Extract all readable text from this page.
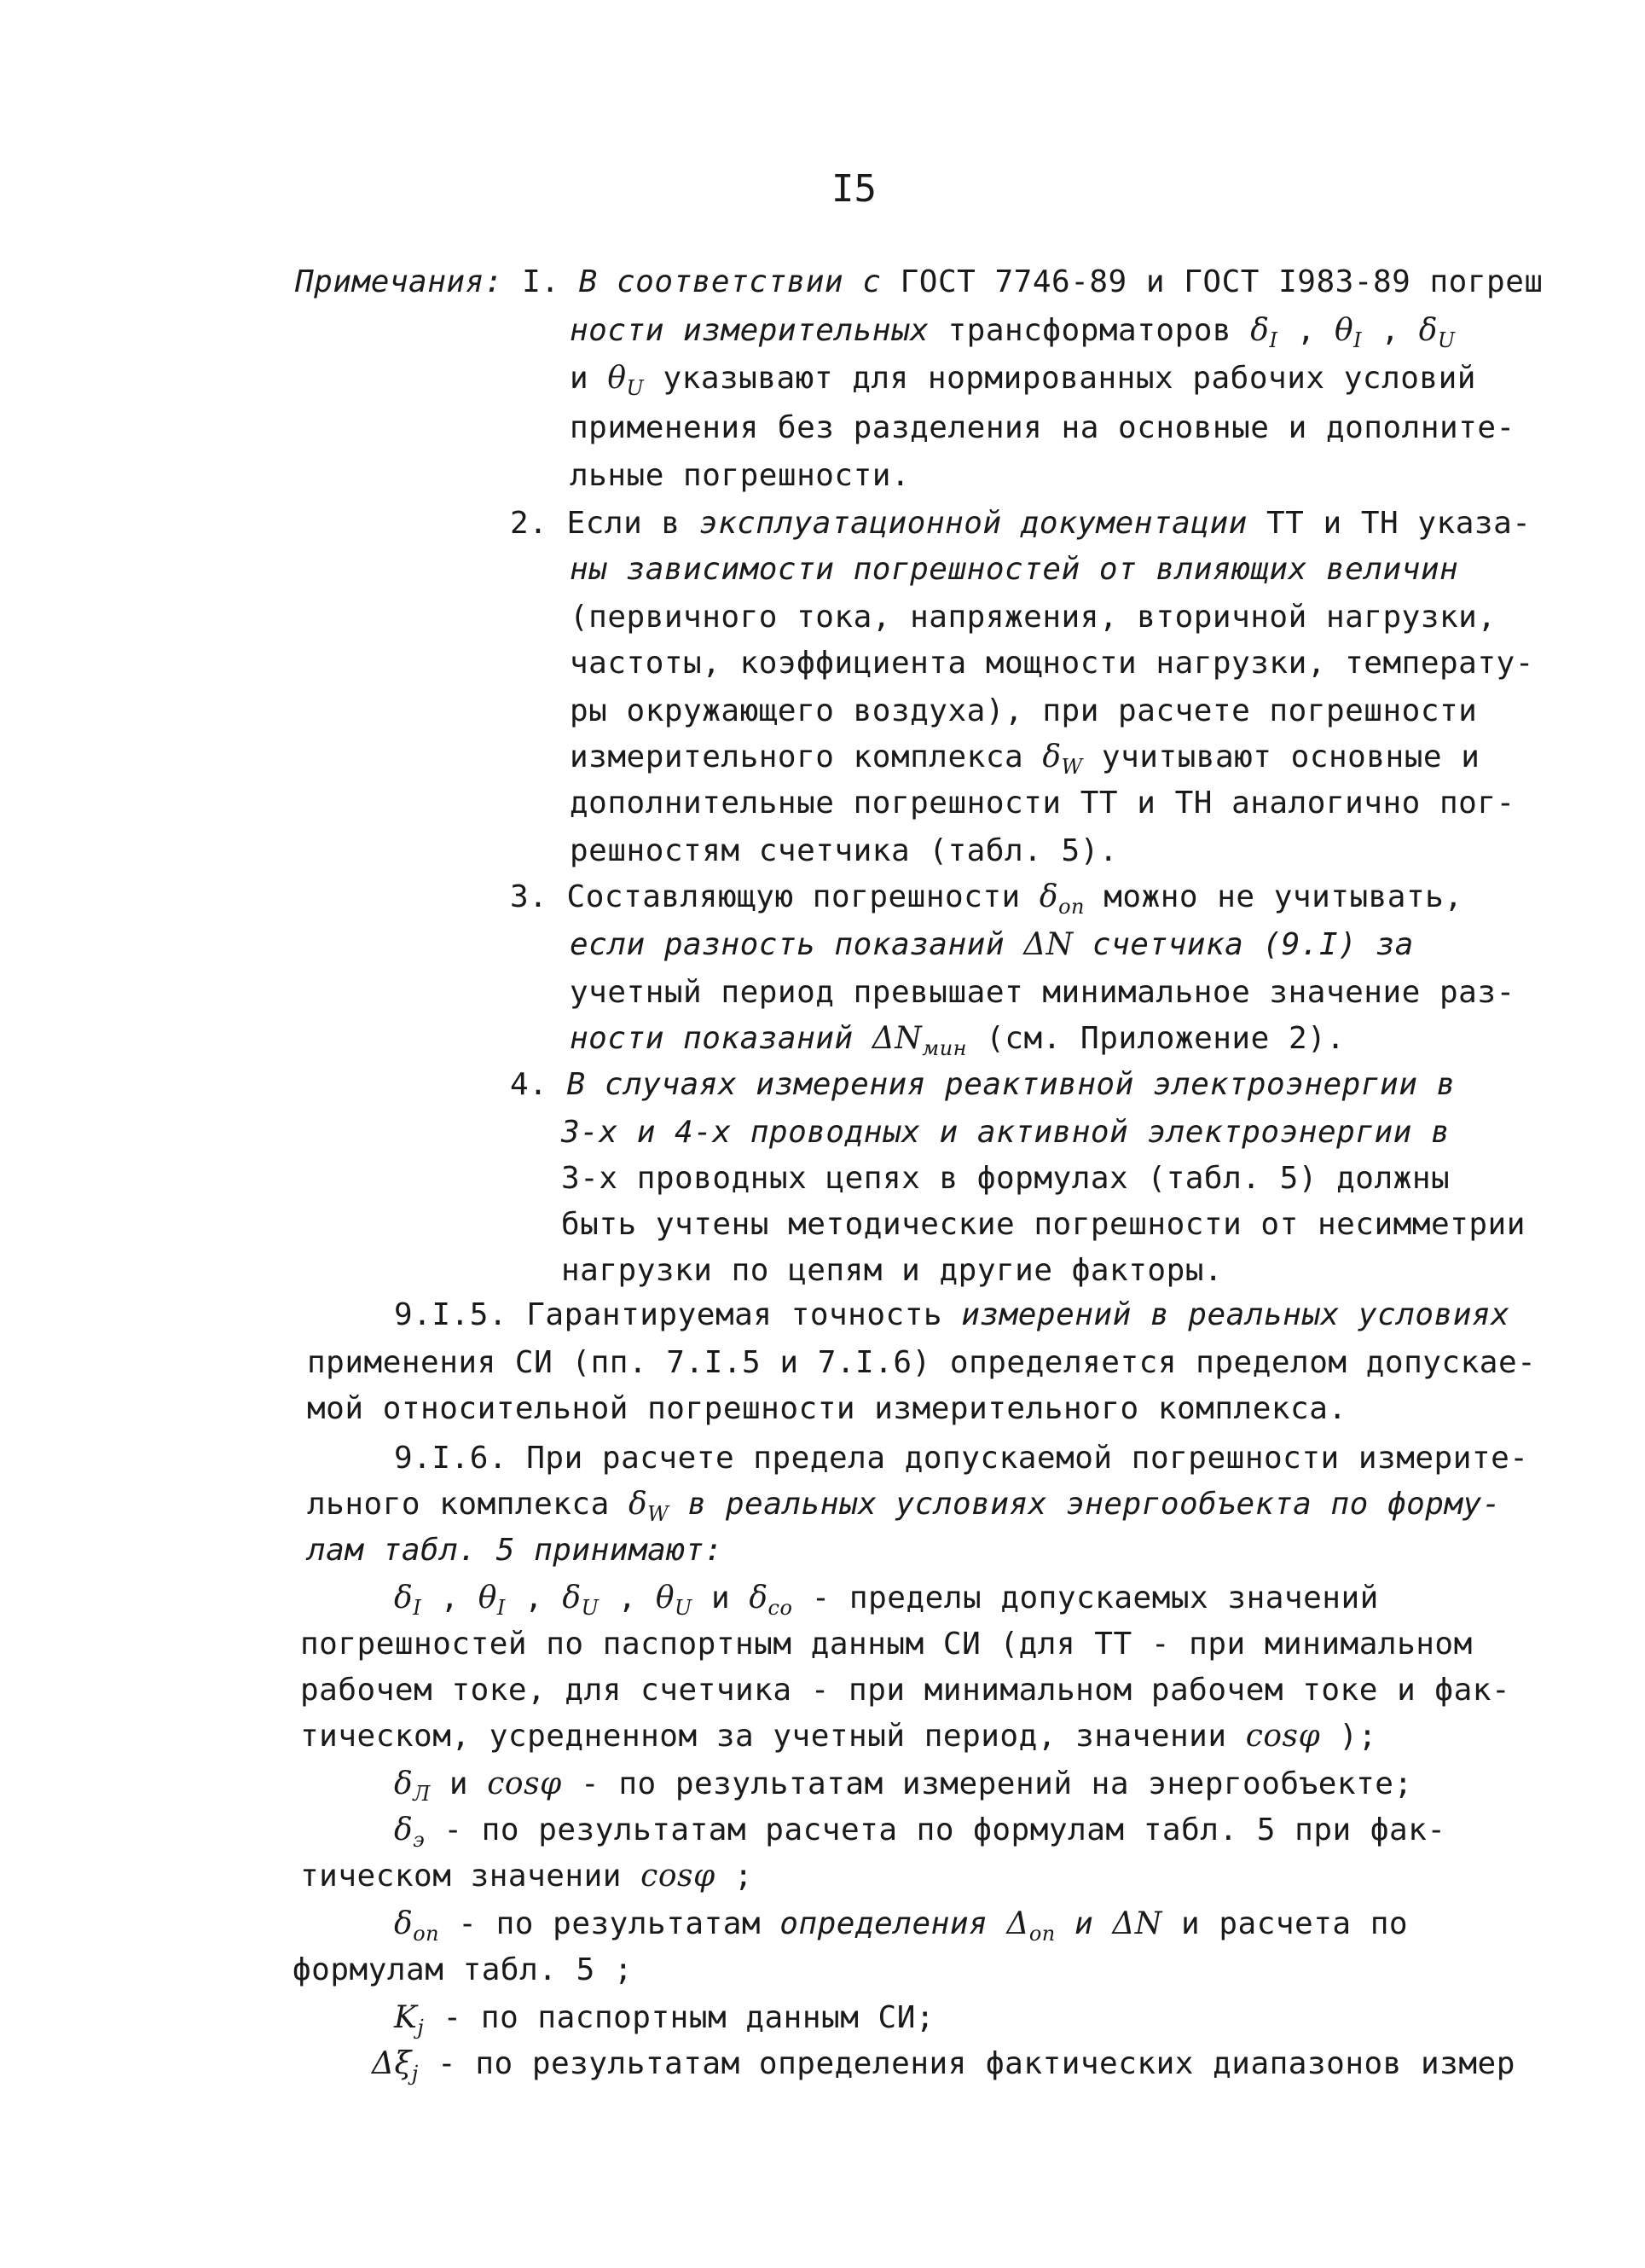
I5
Примечания: I. В соответствии с ГОСТ 7746-89 и ГОСТ I983-89 погреш
ности измерительных трансформаторов $\delta_I$ , $\theta_I$ , $\delta_U$
и $\theta_U$ указывают для нормированных рабочих условий
применения без разделения на основные и дополните-
льные погрешности.
2. Если в эксплуатационной документации ТТ и ТН указа-
ны зависимости погрешностей от влияющих величин
(первичного тока, напряжения, вторичной нагрузки,
частоты, коэффициента мощности нагрузки, температу-
ры окружающего воздуха), при расчете погрешности
измерительного комплекса $\delta_W$ учитывают основные и
дополнительные погрешности ТТ и ТН аналогично пог-
решностям счетчика (табл. 5).
3. Составляющую погрешности $\delta_{оп}$ можно не учитывать,
если разность показаний ΔN счетчика (9.I) за
учетный период превышает минимальное значение раз-
ности показаний $\Delta N_{мин}$ (см. Приложение 2).
4. В случаях измерения реактивной электроэнергии в
3-х и 4-х проводных и активной электроэнергии в
3-х проводных цепях в формулах (табл. 5) должны
быть учтены методические погрешности от несимметрии
нагрузки по цепям и другие факторы.
9.I.5. Гарантируемая точность измерений в реальных условиях
применения СИ (пп. 7.I.5 и 7.I.6) определяется пределом допускае-
мой относительной погрешности измерительного комплекса.
9.I.6. При расчете предела допускаемой погрешности измерите-
льного комплекса $\delta_W$ в реальных условиях энергообъекта по форму-
лам табл. 5 принимают:
$\delta_I$ , $\theta_I$ , $\delta_U$ , $\theta_U$ и $\delta_{со}$ - пределы допускаемых значений
погрешностей по паспортным данным СИ (для ТТ - при минимальном
рабочем токе, для счетчика - при минимальном рабочем токе и фак-
тическом, усредненном за учетный период, значении cosφ );
$\delta_Л$ и cosφ - по результатам измерений на энергообъекте;
$\delta_э$ - по результатам расчета по формулам табл. 5 при фак-
тическом значении cosφ ;
$\delta_{оп}$ - по результатам определения $\Delta_{оп}$ и ΔN и расчета по
формулам табл. 5 ;
$K_j$ - по паспортным данным СИ;
$\Delta\xi_j$ - по результатам определения фактических диапазонов измер
